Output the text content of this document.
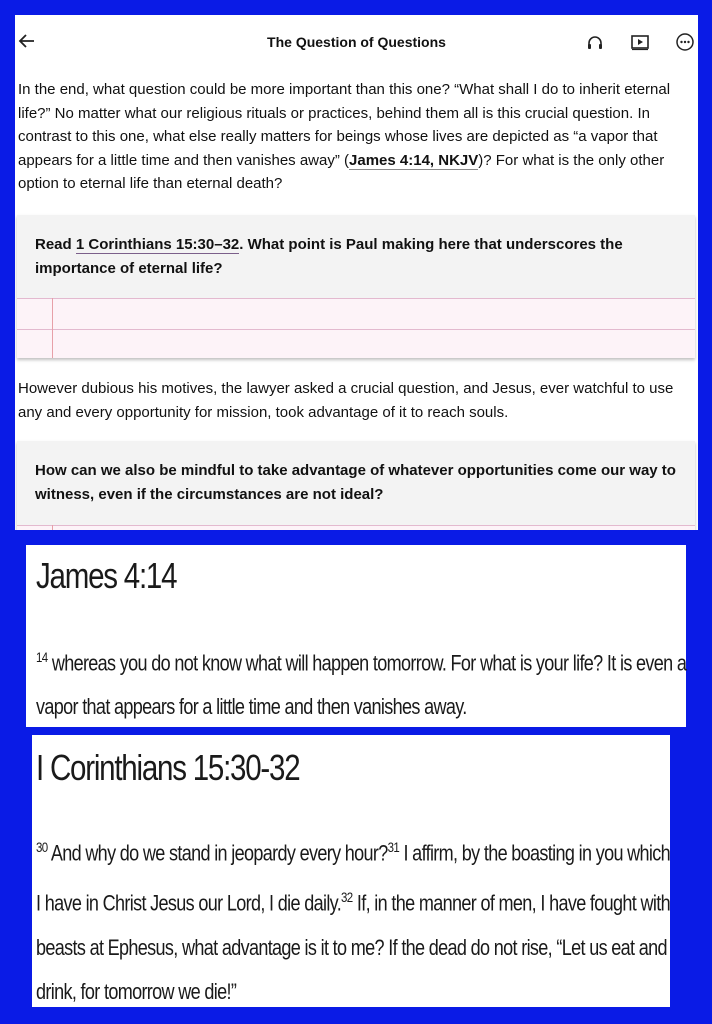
The Question of Questions

In the end, what question could be more important than this one? “What shall I do to inherit eternal life?” No matter what our religious rituals or practices, behind them all is this crucial question. In contrast to this one, what else really matters for beings whose lives are depicted as “a vapor that appears for a little time and then vanishes away” (James 4:14, NKJV)? For what is the only other option to eternal life than eternal death?

Read 1 Corinthians 15:30–32. What point is Paul making here that underscores the importance of eternal life?

However dubious his motives, the lawyer asked a crucial question, and Jesus, ever watchful to use any and every opportunity for mission, took advantage of it to reach souls.

How can we also be mindful to take advantage of whatever opportunities come our way to witness, even if the circumstances are not ideal?
James 4:14
$^{14}$ whereas you do not know what will happen tomorrow. For what is your life? It is even a vapor that appears for a little time and then vanishes away.
I Corinthians 15:30-32
$^{30}$ And why do we stand in jeopardy every hour?$^{31}$ I affirm, by the boasting in you which I have in Christ Jesus our Lord, I die daily.$^{32}$ If, in the manner of men, I have fought with beasts at Ephesus, what advantage is it to me? If the dead do not rise, “Let us eat and drink, for tomorrow we die!”
